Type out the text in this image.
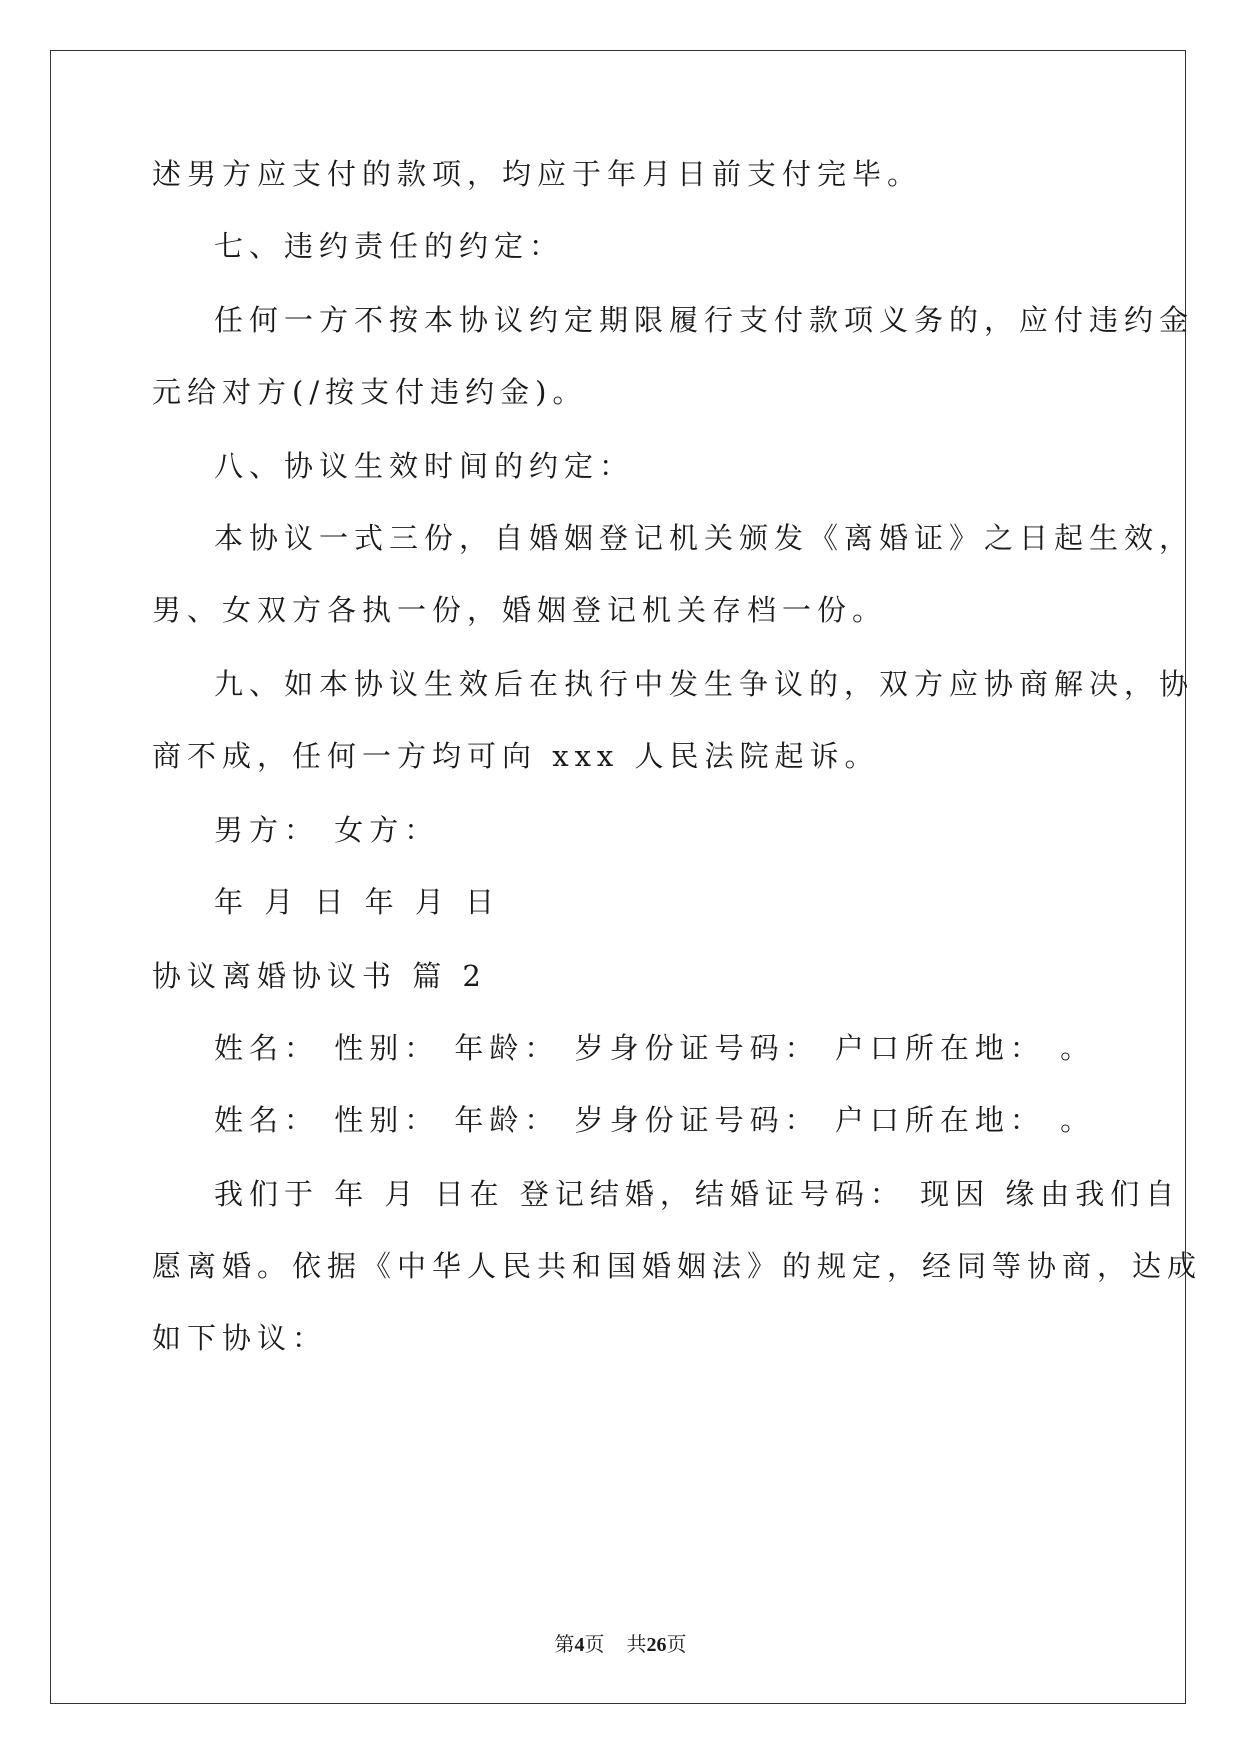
述男方应支付的款项，均应于年月日前支付完毕。
七、违约责任的约定：
任何一方不按本协议约定期限履行支付款项义务的，应付违约金
元给对方(/按支付违约金)。
八、协议生效时间的约定：
本协议一式三份，自婚姻登记机关颁发《离婚证》之日起生效，
男、女双方各执一份，婚姻登记机关存档一份。
九、如本协议生效后在执行中发生争议的，双方应协商解决，协
商不成，任何一方均可向 xxx 人民法院起诉。
男方： 女方：
年 月 日 年 月 日
协议离婚协议书 篇 2
姓名： 性别： 年龄： 岁身份证号码： 户口所在地： 。
姓名： 性别： 年龄： 岁身份证号码： 户口所在地： 。
我们于 年 月 日在 登记结婚，结婚证号码： 现因 缘由我们自
愿离婚。依据《中华人民共和国婚姻法》的规定，经同等协商，达成
如下协议：
第4页 共26页
